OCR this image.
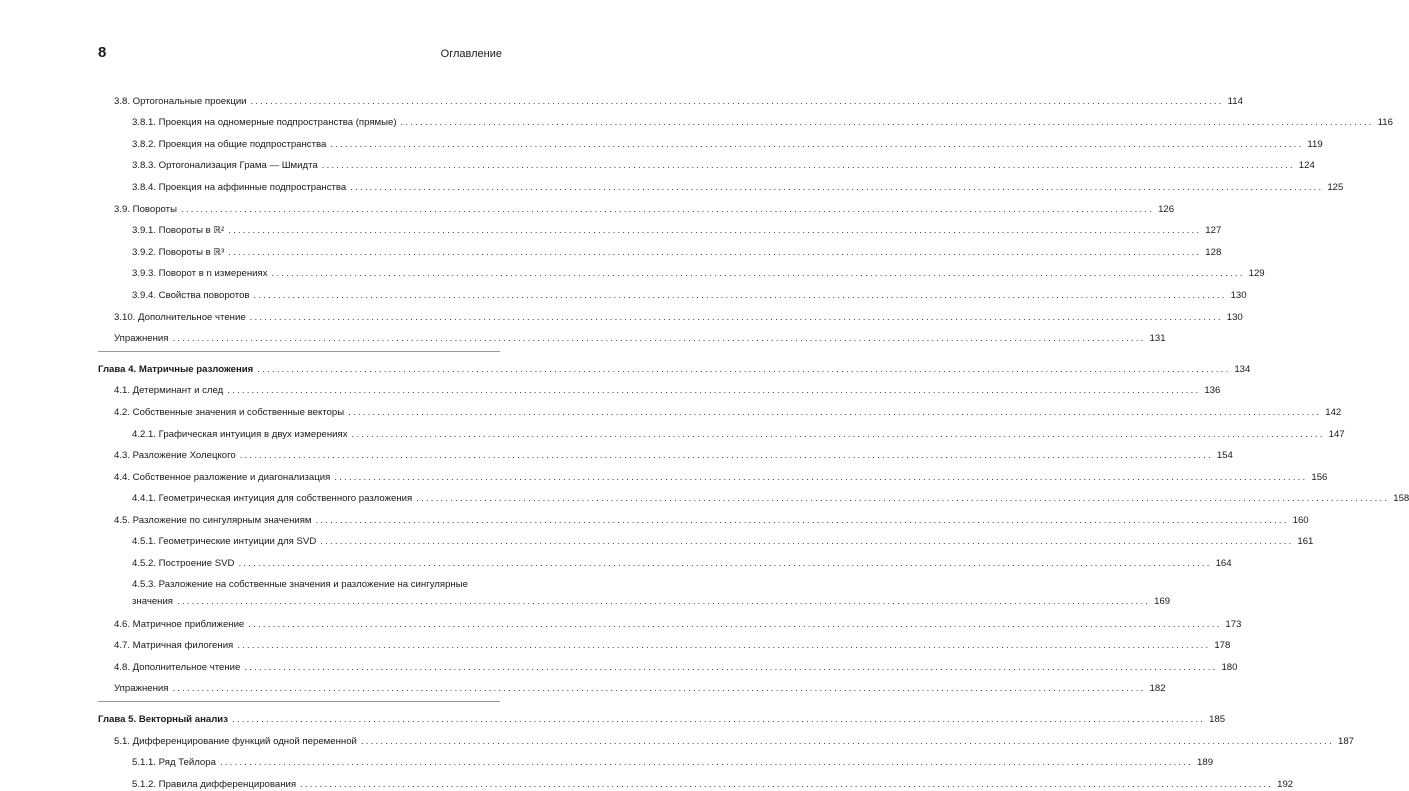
8	Оглавление
3.8. Ортогональные проекции ........................................................................................................................................................................................................ 114
3.8.1. Проекция на одномерные подпространства (прямые) ........................................................................................................................................................................................................ 116
3.8.2. Проекция на общие подпространства ........................................................................................................................................................................................................ 119
3.8.3. Ортогонализация Грама — Шмидта ........................................................................................................................................................................................................ 124
3.8.4. Проекция на аффинные подпространства ........................................................................................................................................................................................................ 125
3.9. Повороты ........................................................................................................................................................................................................ 126
3.9.1. Повороты в ℝ² ........................................................................................................................................................................................................ 127
3.9.2. Повороты в ℝ³ ........................................................................................................................................................................................................ 128
3.9.3. Поворот в n измерениях ........................................................................................................................................................................................................ 129
3.9.4. Свойства поворотов ........................................................................................................................................................................................................ 130
3.10. Дополнительное чтение ........................................................................................................................................................................................................ 130
Упражнения ........................................................................................................................................................................................................ 131
Глава 4. Матричные разложения ........................................................................................................................................................................................................ 134
4.1. Детерминант и след ........................................................................................................................................................................................................ 136
4.2. Собственные значения и собственные векторы ........................................................................................................................................................................................................ 142
4.2.1. Графическая интуиция в двух измерениях ........................................................................................................................................................................................................ 147
4.3. Разложение Холецкого ........................................................................................................................................................................................................ 154
4.4. Собственное разложение и диагонализация ........................................................................................................................................................................................................ 156
4.4.1. Геометрическая интуиция для собственного разложения ........................................................................................................................................................................................................ 158
4.5. Разложение по сингулярным значениям ........................................................................................................................................................................................................ 160
4.5.1. Геометрические интуиции для SVD ........................................................................................................................................................................................................ 161
4.5.2. Построение SVD ........................................................................................................................................................................................................ 164
4.5.3. Разложение на собственные значения и разложение на сингулярные
значения ........................................................................................................................................................................................................ 169
4.6. Матричное приближение ........................................................................................................................................................................................................ 173
4.7. Матричная филогения ........................................................................................................................................................................................................ 178
4.8. Дополнительное чтение ........................................................................................................................................................................................................ 180
Упражнения ........................................................................................................................................................................................................ 182
Глава 5. Векторный анализ ........................................................................................................................................................................................................ 185
5.1. Дифференцирование функций одной переменной ........................................................................................................................................................................................................ 187
5.1.1. Ряд Тейлора ........................................................................................................................................................................................................ 189
5.1.2. Правила дифференцирования ........................................................................................................................................................................................................ 192
